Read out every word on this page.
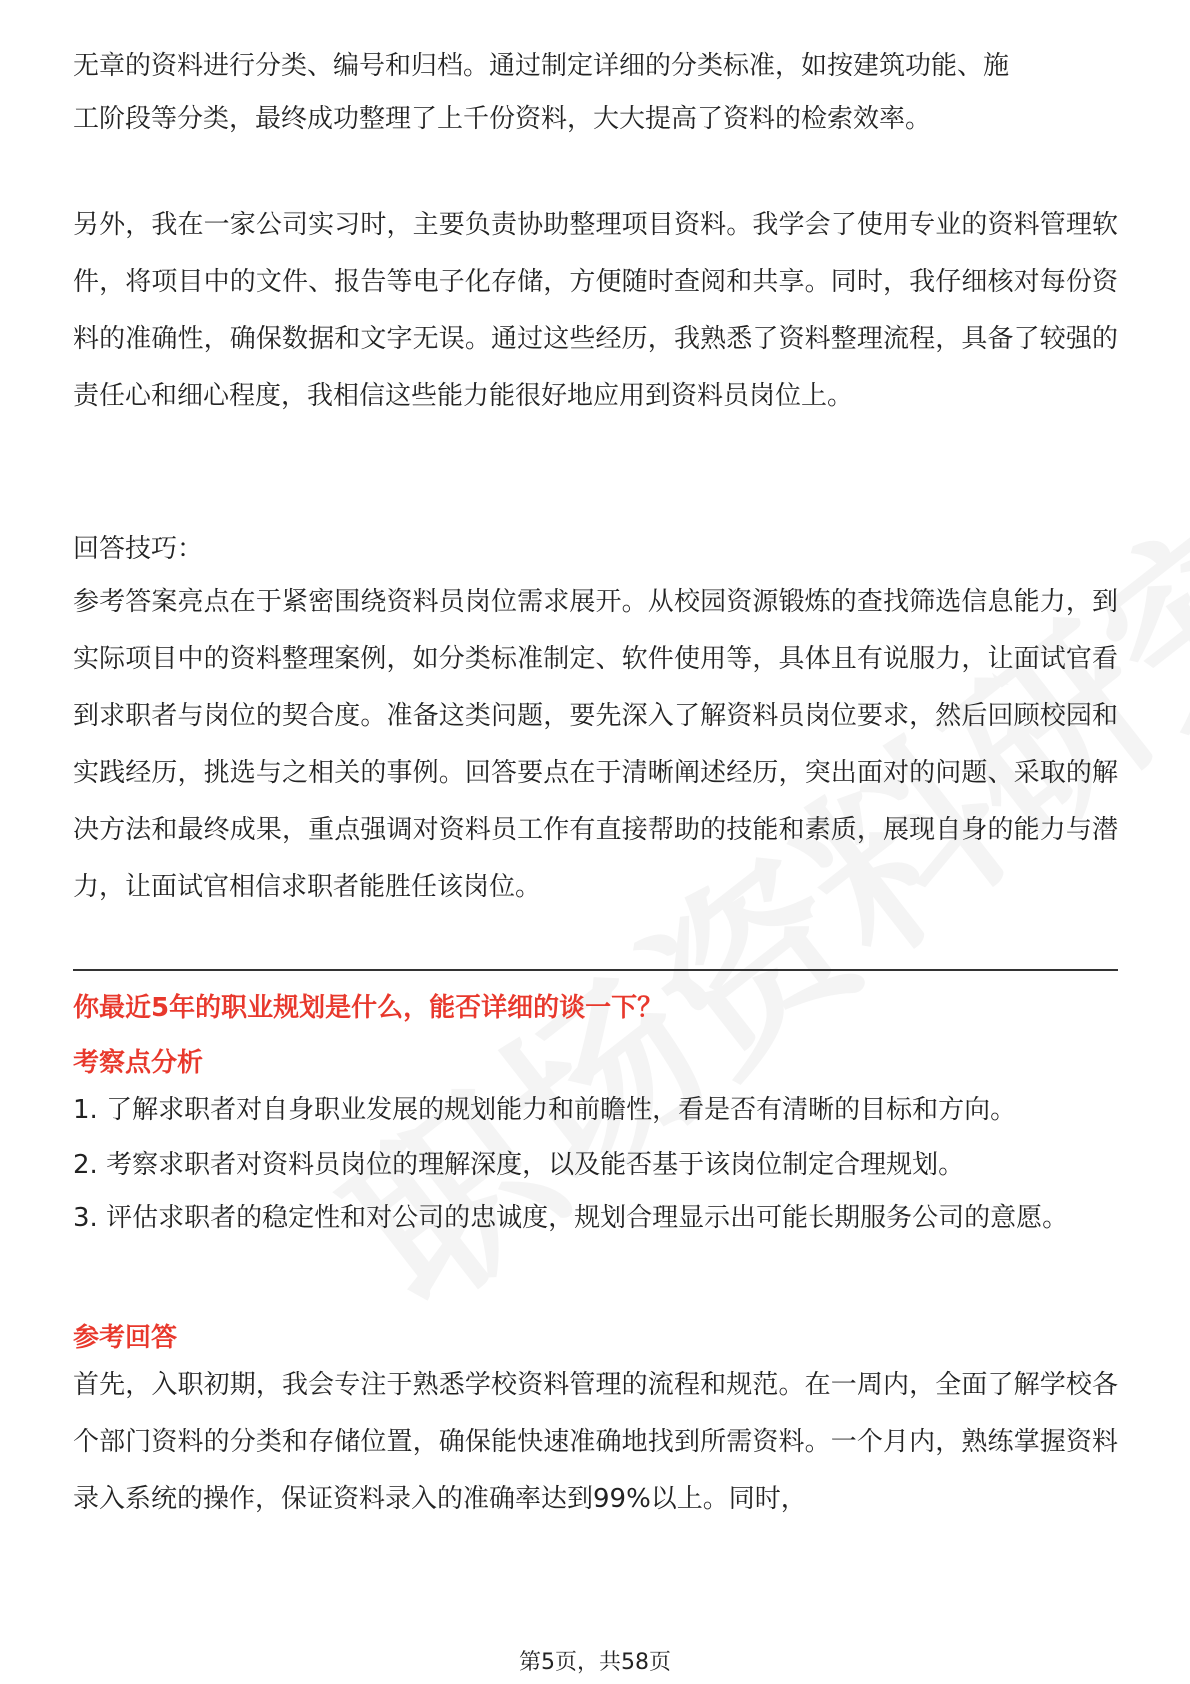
无章的资料进行分类、编号和归档。通过制定详细的分类标准，如按建筑功能、施

工阶段等分类，最终成功整理了上千份资料，大大提高了资料的检索效率。

另外，我在一家公司实习时，主要负责协助整理项目资料。我学会了使用专业的资料管理软件，将项目中的文件、报告等电子化存储，方便随时查阅和共享。同时，我仔细核对每份资料的准确性，确保数据和文字无误。通过这些经历，我熟悉了资料整理流程，具备了较强的责任心和细心程度，我相信这些能力能很好地应用到资料员岗位上。

回答技巧：

参考答案亮点在于紧密围绕资料员岗位需求展开。从校园资源锻炼的查找筛选信息能力，到实际项目中的资料整理案例，如分类标准制定、软件使用等，具体且有说服力，让面试官看到求职者与岗位的契合度。准备这类问题，要先深入了解资料员岗位要求，然后回顾校园和实践经历，挑选与之相关的事例。回答要点在于清晰阐述经历，突出面对的问题、采取的解决方法和最终成果，重点强调对资料员工作有直接帮助的技能和素质，展现自身的能力与潜力，让面试官相信求职者能胜任该岗位。

你最近5年的职业规划是什么，能否详细的谈一下？

考察点分析

1. 了解求职者对自身职业发展的规划能力和前瞻性，看是否有清晰的目标和方向。

2. 考察求职者对资料员岗位的理解深度，以及能否基于该岗位制定合理规划。

3. 评估求职者的稳定性和对公司的忠诚度，规划合理显示出可能长期服务公司的意愿。

参考回答

首先，入职初期，我会专注于熟悉学校资料管理的流程和规范。在一周内，全面了解学校各个部门资料的分类和存储位置，确保能快速准确地找到所需资料。一个月内，熟练掌握资料录入系统的操作，保证资料录入的准确率达到99%以上。同时，

第5页，共58页
